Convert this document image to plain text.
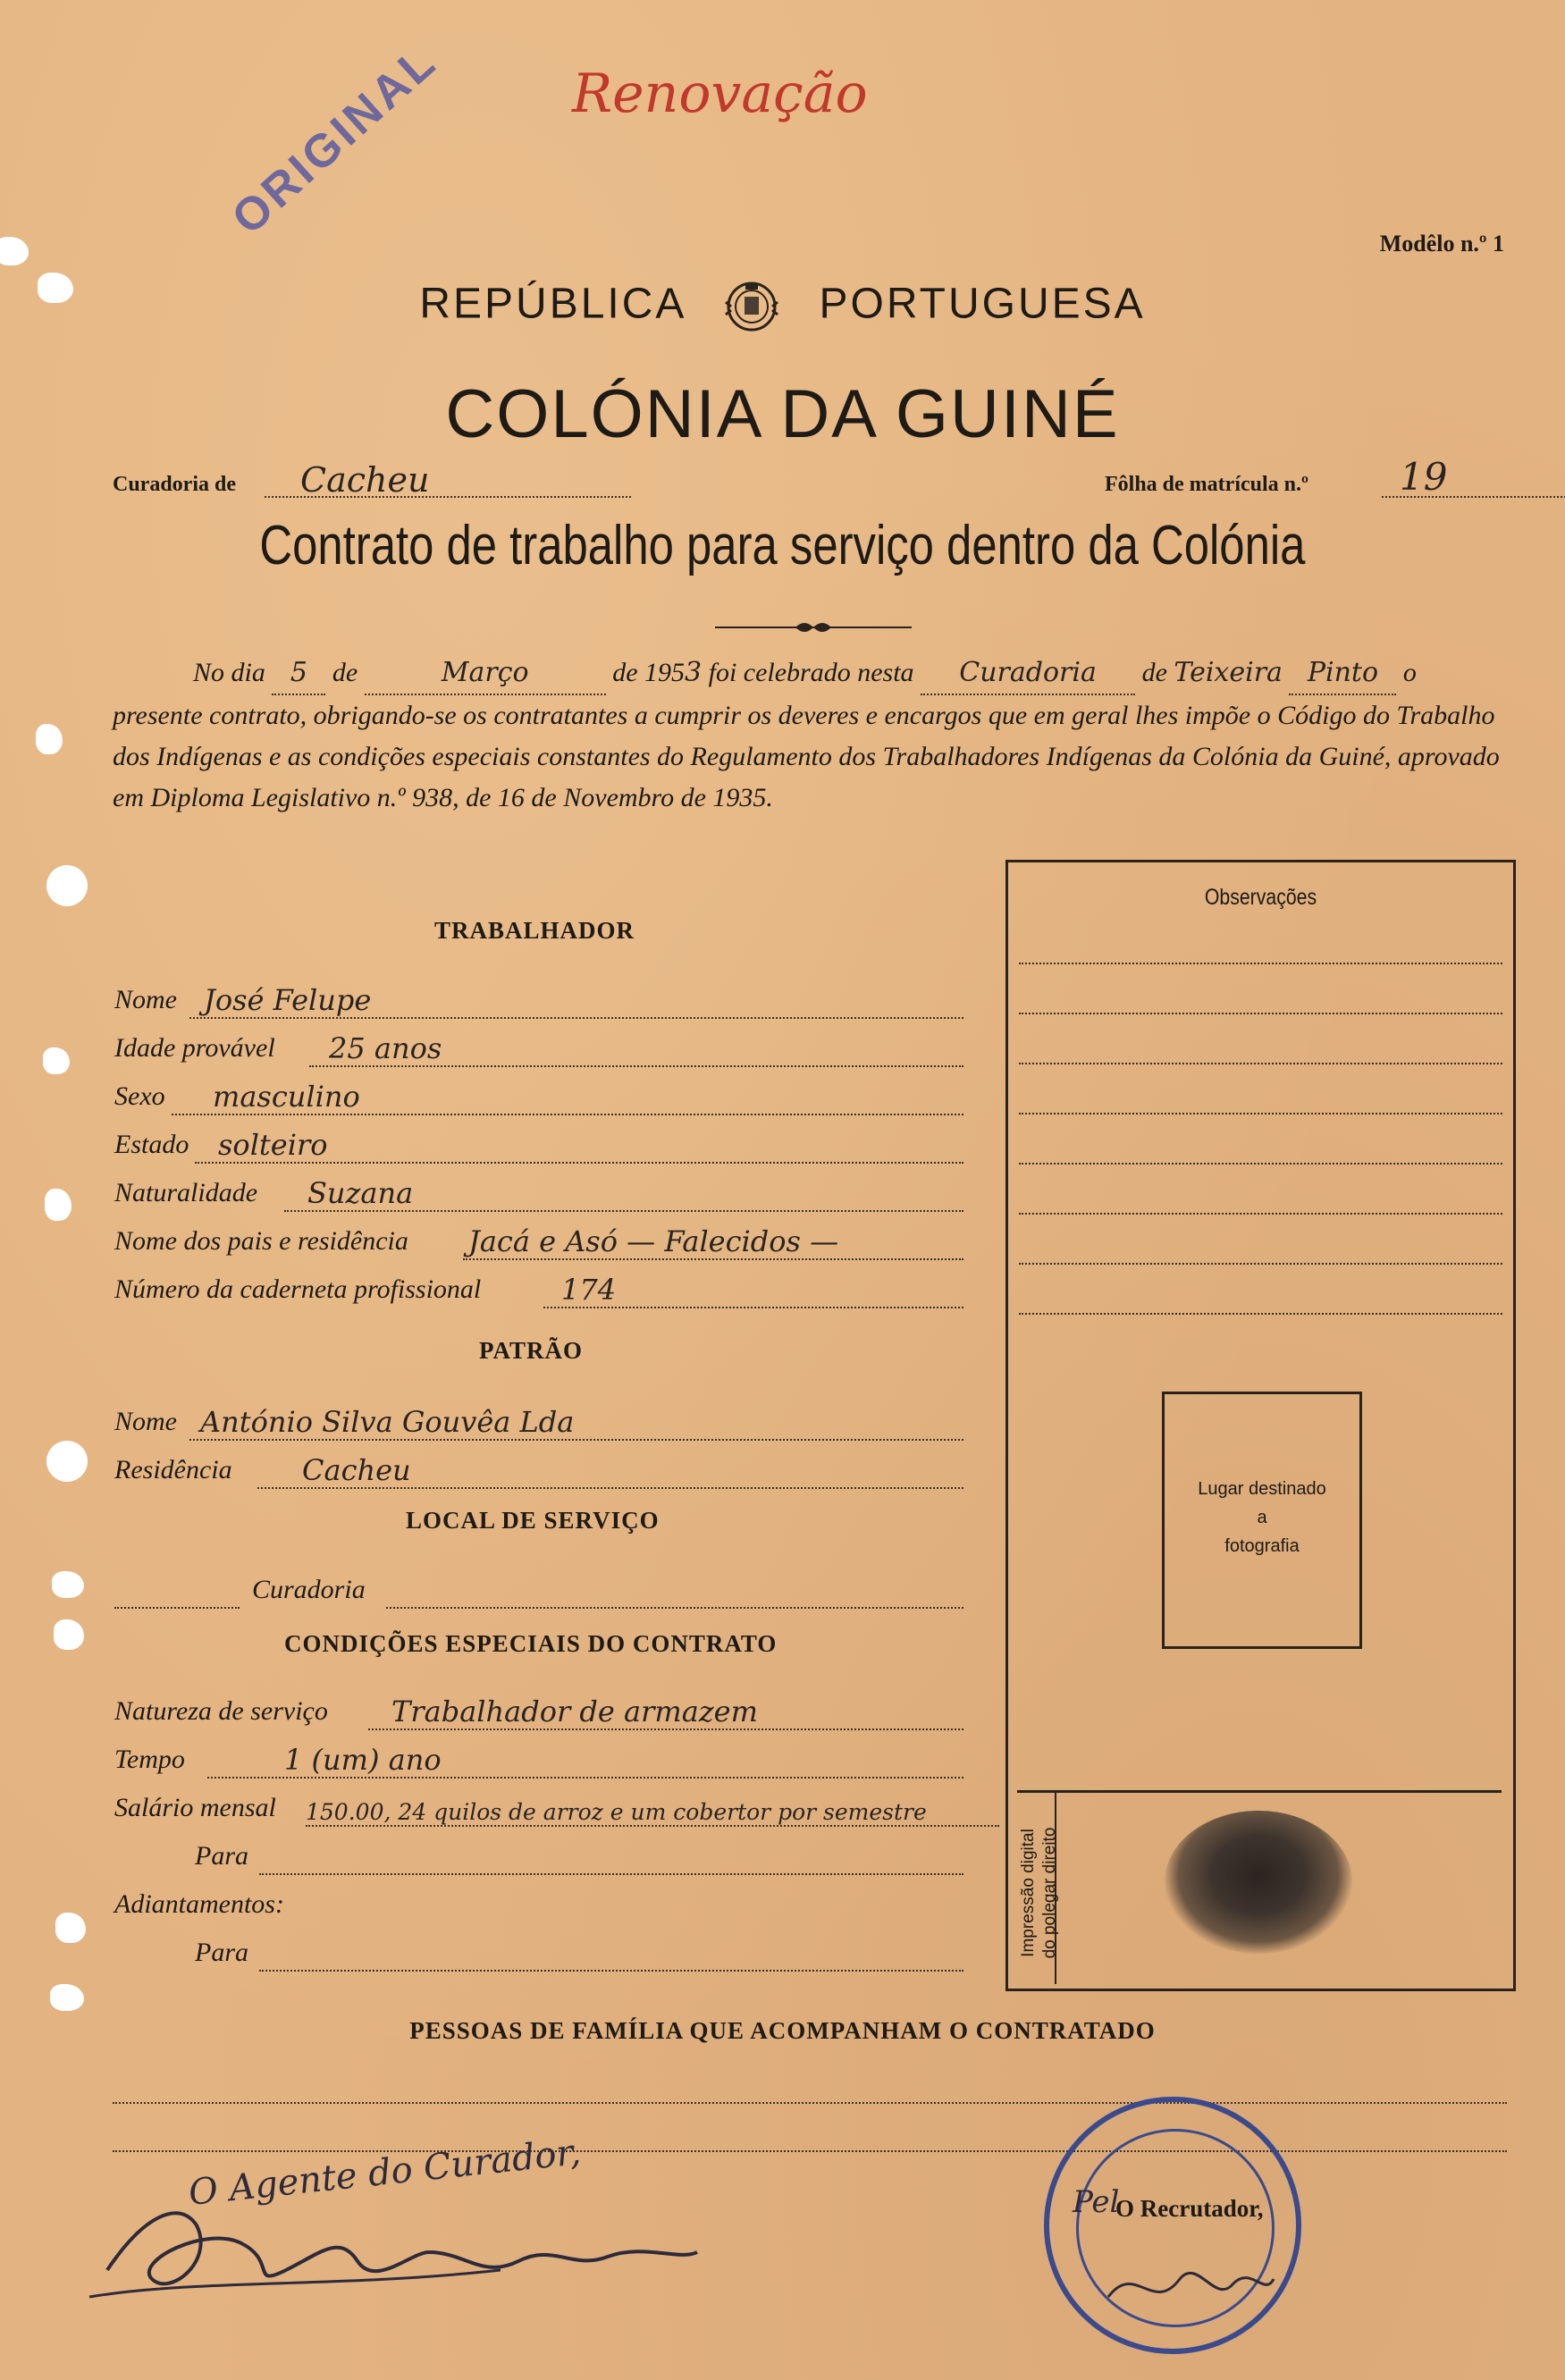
Renovação
ORIGINAL	Modêlo n.º 1
REPÚBLICA	PORTUGUESA
COLÓNIA DA GUINÉ
Curadoria de Cacheu	Fôlha de matrícula n.º 19
Contrato de trabalho para serviço dentro da Colónia
No dia 5 de	Março	de 1953 foi celebrado nesta Curadoria de Teixeira Pinto o presente contrato, obrigando-se os contratantes a cumprir os deveres e encargos que em geral lhes impõe o Código do Trabalho dos Indígenas e as condições especiais constantes do Regulamento dos Trabalhadores Indígenas da Colónia da Guiné, aprovado em Diploma Legislativo n.º 938, de 16 de Novembro de 1935.
TRABALHADOR
Nome José Felupe
Idade provável 25 anos
Sexo masculino
Estado solteiro
Naturalidade Suzana
Nome dos pais e residência Jacá e Asó — Falecidos —
Número da caderneta profissional	174
PATRÃO
Nome António Silva Gouvêa Lda
Residência Cacheu
LOCAL DE SERVIÇO
Curadoria
CONDIÇÕES ESPECIAIS DO CONTRATO
Natureza de serviço Trabalhador de armazem
Tempo	1 (um) ano
Salário mensal 150.00, 24 quilos de arroz e um cobertor por semestre
Para
Adiantamentos:
Para
Observações
Lugar destinado
a
fotografia
Impressão digital do polegar direito
PESSOAS DE FAMÍLIA QUE ACOMPANHAM O CONTRATADO
O Agente do Curador,	O Recrutador,
Pel
